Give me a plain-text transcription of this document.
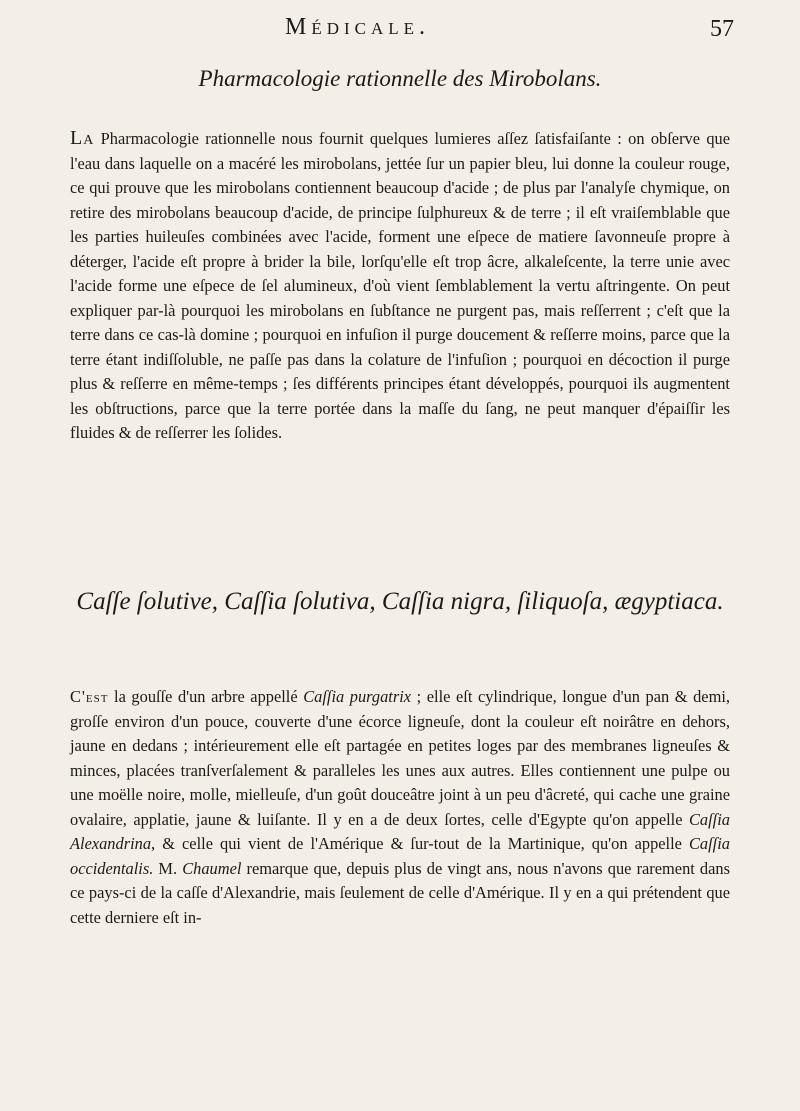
Médicale.	57
Pharmacologie rationnelle des Mirobolans.

La Pharmacologie rationnelle nous fournit quelques lumieres aſſez ſatisfaiſante : on obſerve que l'eau dans laquelle on a macéré les mirobolans, jettée ſur un papier bleu, lui donne la couleur rouge, ce qui prouve que les mirobolans contiennent beaucoup d'acide ; de plus par l'analyſe chymique, on retire des mirobolans beaucoup d'acide, de principe ſulphureux & de terre ; il eſt vraiſemblable que les parties huileuſes combinées avec l'acide, forment une eſpece de matiere ſavonneuſe propre à déterger, l'acide eſt propre à brider la bile, lorſqu'elle eſt trop âcre, alkaleſcente, la terre unie avec l'acide forme une eſpece de ſel alumineux, d'où vient ſemblablement la vertu aſtringente. On peut expliquer par-là pourquoi les mirobolans en ſubſtance ne purgent pas, mais reſſerrent ; c'eſt que la terre dans ce cas-là domine ; pourquoi en infuſion il purge doucement & reſſerre moins, parce que la terre étant indiſſoluble, ne paſſe pas dans la colature de l'infuſion ; pourquoi en décoction il purge plus & reſſerre en même-temps ; ſes différents principes étant développés, pourquoi ils augmentent les obſtructions, parce que la terre portée dans la maſſe du ſang, ne peut manquer d'épaiſſir les fluides & de reſſerrer les ſolides.

Caſſe ſolutive, Caſſia ſolutiva, Caſſia nigra, ſiliquoſa, ægyptiaca.

C'est la gouſſe d'un arbre appellé Caſſia purgatrix ; elle eſt cylindrique, longue d'un pan & demi, groſſe environ d'un pouce, couverte d'une écorce ligneuſe, dont la couleur eſt noirâtre en dehors, jaune en dedans ; intérieurement elle eſt partagée en petites loges par des membranes ligneuſes & minces, placées tranſverſalement & paralleles les unes aux autres. Elles contiennent une pulpe ou une moëlle noire, molle, mielleuſe, d'un goût douceâtre joint à un peu d'âcreté, qui cache une graine ovalaire, applatie, jaune & luiſante. Il y en a de deux ſortes, celle d'Egypte qu'on appelle Caſſia Alexandrina, & celle qui vient de l'Amérique & ſur-tout de la Martinique, qu'on appelle Caſſia occidentalis. M. Chaumel remarque que, depuis plus de vingt ans, nous n'avons que rarement dans ce pays-ci de la caſſe d'Alexandrie, mais ſeulement de celle d'Amérique. Il y en a qui prétendent que cette derniere eſt in-
